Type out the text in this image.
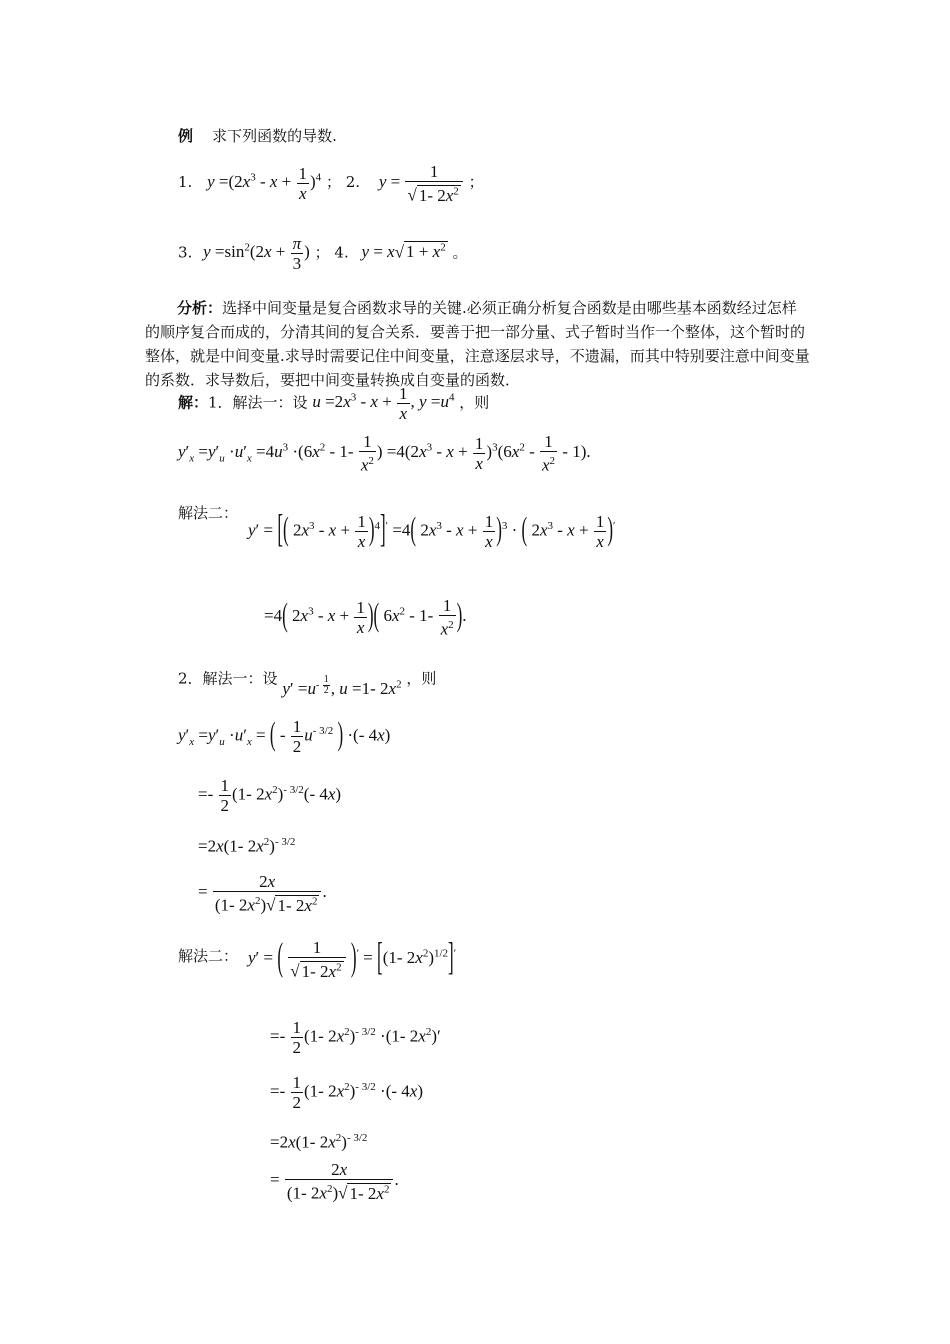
例 求下列函数的导数.
1. $y =(2x^3 - x + \frac{1}{x} )^4$ ； 2. $y = \frac{1}{√ 1- 2x^2}$ ；
3. $y =\sin^2(2x + \frac{\pi}{3}$ ) ； 4. y = x√ $1 + x^2$ 。
分析：选择中间变量是复合函数求导的关键.必须正确分析复合函数是由哪些基本函数经过怎样的顺序复合而成的，分清其间的复合关系．要善于把一部分量、式子暂时当作一个整体，这个暂时的整体，就是中间变量.求导时需要记住中间变量，注意逐层求导，不遗漏，而其中特别要注意中间变量的系数．求导数后，要把中间变量转换成自变量的函数．
解：1．解法一：设 $u =2x^3 - x + \frac{1}{x}$ , $y =u^4$ ，则
$y'_x =y'_u \cdot u'_x =4u^3 \cdot(6x^2 - 1- \frac{1}{x^2}$ ) $=4(2x^3 - x + \frac{1}{x} )^3(6x^2 - \frac{1}{x^2} - 1)$.
解法二：
y′ = [( $2x^3 - x + \frac{1}{x} )^4]' =4$( $2x^3 - x + \frac{1}{x} )^3$ · ( $2x^3 - x + \frac{1}{x} )'$
=4( $2x^3 - x + \frac{1}{x}$ )( $6x^2 - 1- \frac{1}{x^2}$ ).
2．解法一：设 $y' =u- \frac{1}{2}$ , u =1- $2x^2$ ，则
$y'_x =y'_u \cdot u'_x$ = ( - $\frac{1}{2} u^{- 3/2}$ ) ·(- 4x)
=- $\frac{1}{2} (1-$ $2x^2)^{- 3/2}(-$ 4x)
=2x(1- $2x^2)^{- 3/2}$
= $\frac{2x}{(1- 2x^2)√ 1- 2x^2}$ .
解法二： y′ = ( $\frac{1}{√ 1- 2x^2} )' = [(1-$ $2x^2)^{1/2}]'$
=- $\frac{1}{2} (1-$ $2x^2)^{- 3/2} \cdot(1-$ $2x^2)'$
=- $\frac{1}{2} (1-$ $2x^2)^{- 3/2}$ ·(- 4x)
=2x(1- $2x^2)^{- 3/2}$
= $\frac{2x}{(1- 2x^2)√ 1- 2x^2}$ .
